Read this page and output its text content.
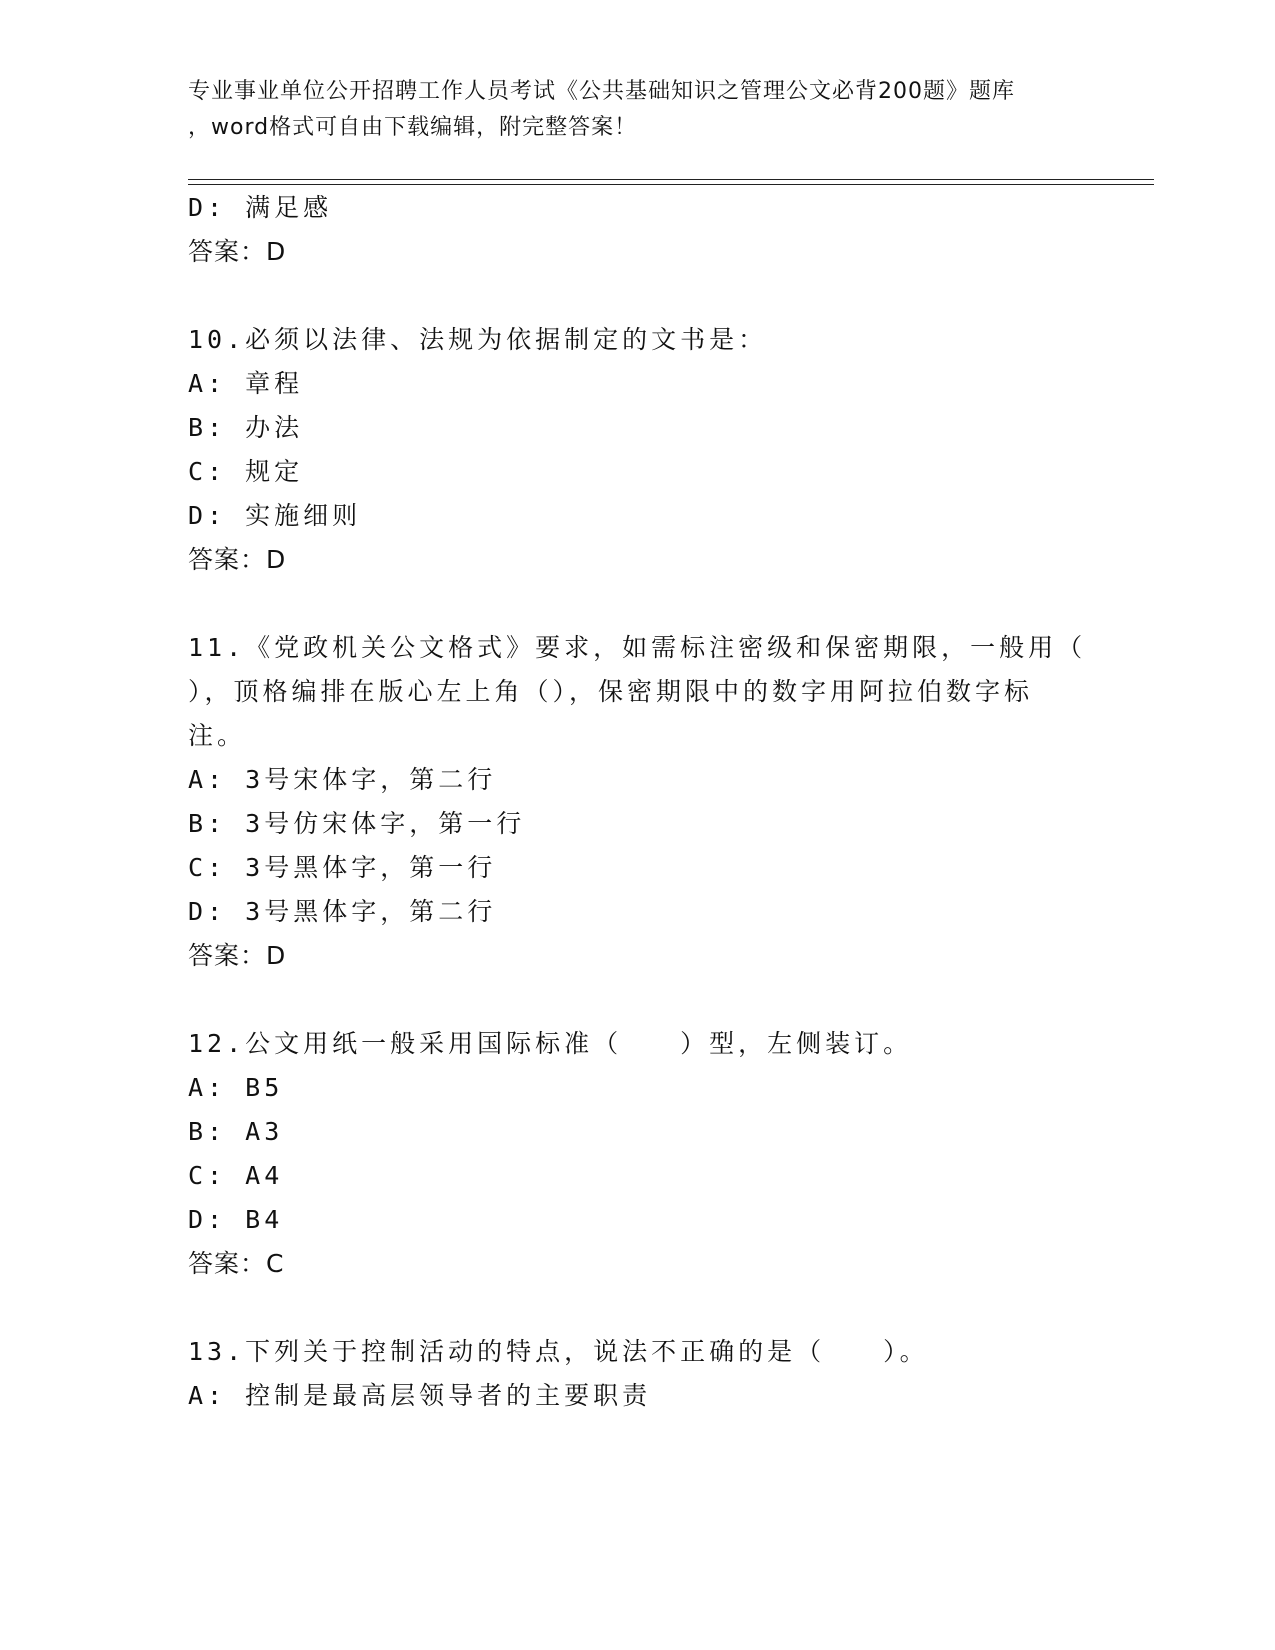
专业事业单位公开招聘工作人员考试《公共基础知识之管理公文必背200题》题库
，word格式可自由下载编辑，附完整答案！
D: 满足感
答案：D
10.必须以法律、法规为依据制定的文书是：
A: 章程
B: 办法
C: 规定
D: 实施细则
答案：D
11.《党政机关公文格式》要求，如需标注密级和保密期限，一般用（
），顶格编排在版心左上角（），保密期限中的数字用阿拉伯数字标
注。
A: 3号宋体字，第二行
B: 3号仿宋体字，第一行
C: 3号黑体字，第一行
D: 3号黑体字，第二行
答案：D
12.公文用纸一般采用国际标准（　　）型，左侧装订。
A: B5
B: A3
C: A4
D: B4
答案：C
13.下列关于控制活动的特点，说法不正确的是（　　）。
A: 控制是最高层领导者的主要职责
